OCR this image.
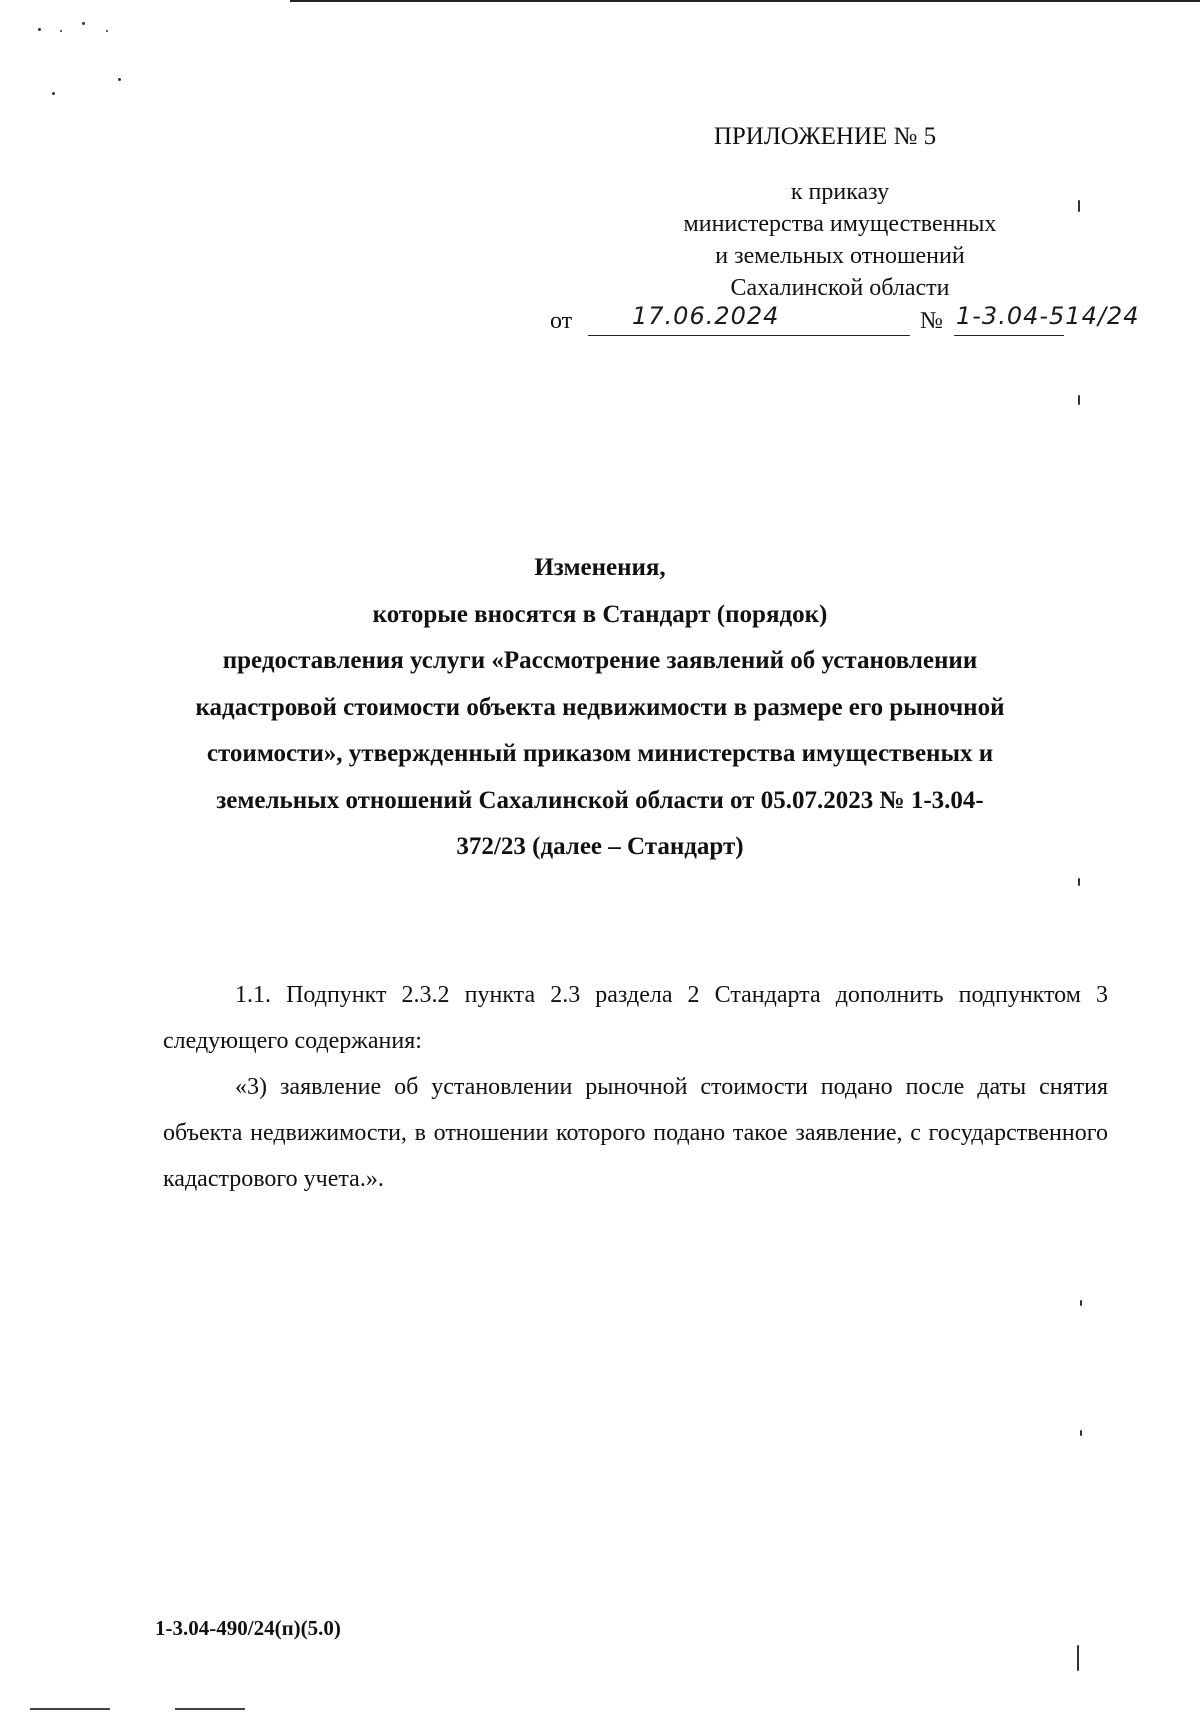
ПРИЛОЖЕНИЕ № 5
к приказу
министерства имущественных
и земельных отношений
Сахалинской области
от 17.06.2024	№ 1-3.04-514/24
Изменения,
которые вносятся в Стандарт (порядок)
предоставления услуги «Рассмотрение заявлений об установлении
кадастровой стоимости объекта недвижимости в размере его рыночной
стоимости», утвержденный приказом министерства имущественых и
земельных отношений Сахалинской области от 05.07.2023 № 1-3.04-
372/23 (далее – Стандарт)

1.1. Подпункт 2.3.2 пункта 2.3 раздела 2 Стандарта дополнить подпунктом 3 следующего содержания:

«3) заявление об установлении рыночной стоимости подано после даты снятия объекта недвижимости, в отношении которого подано такое заявление, с государственного кадастрового учета.».

1-3.04-490/24(п)(5.0)
